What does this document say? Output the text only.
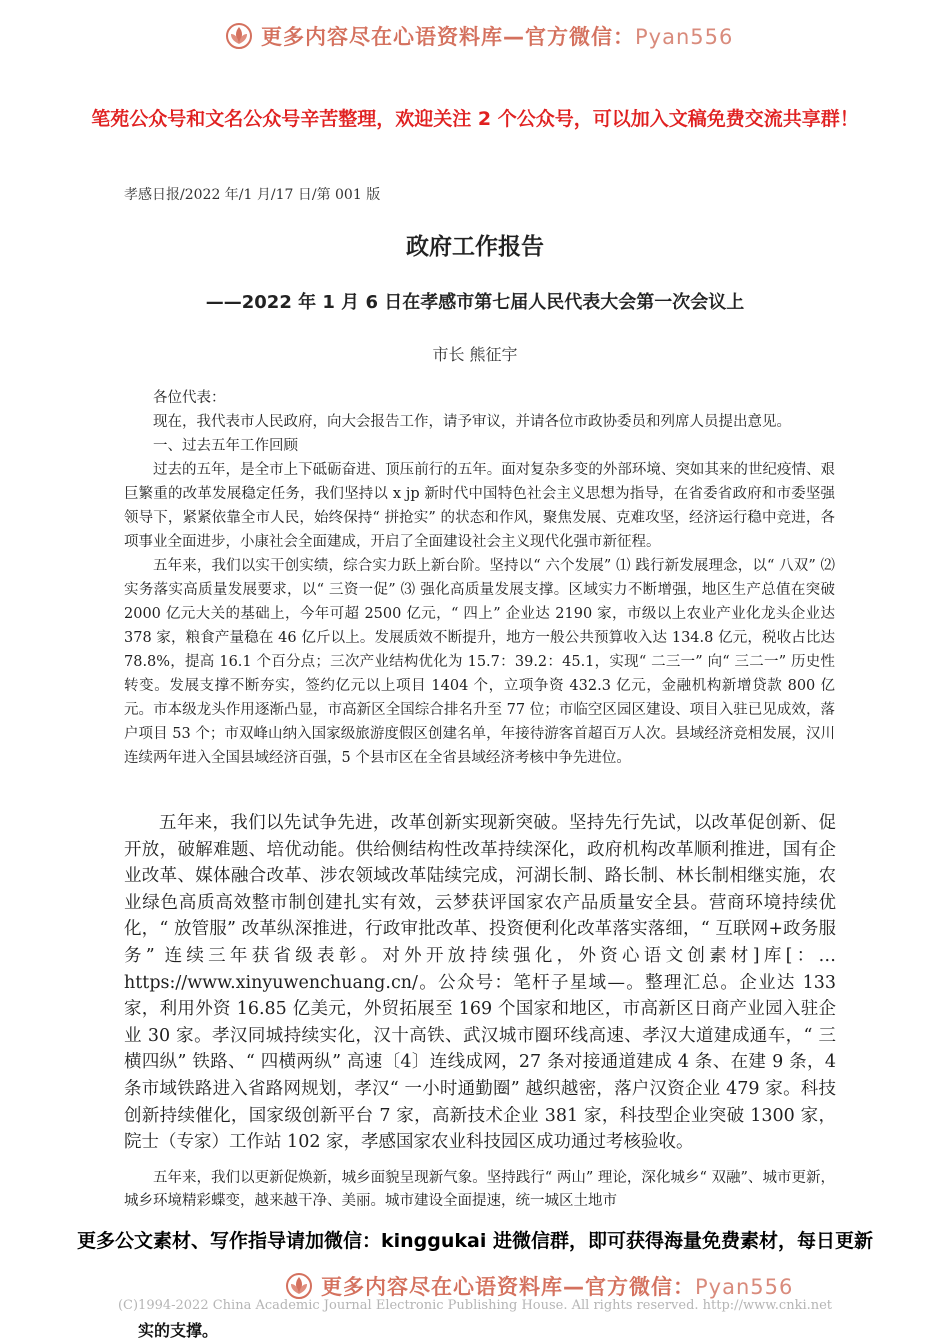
更多内容尽在心语资料库—官方微信：Pyan556
笔苑公众号和文名公众号辛苦整理，欢迎关注 2 个公众号，可以加入文稿免费交流共享群！
孝感日报/2022 年/1 月/17 日/第 001 版
政府工作报告
——2022 年 1 月 6 日在孝感市第七届人民代表大会第一次会议上
市长 熊征宇

各位代表：

现在，我代表市人民政府，向大会报告工作，请予审议，并请各位市政协委员和列席人员提出意见。

一、过去五年工作回顾

过去的五年，是全市上下砥砺奋进、顶压前行的五年。面对复杂多变的外部环境、突如其来的世纪疫情、艰巨繁重的改革发展稳定任务，我们坚持以 x jp 新时代中国特色社会主义思想为指导，在省委省政府和市委坚强领导下，紧紧依靠全市人民，始终保持“ 拼抢实” 的状态和作风，聚焦发展、克难攻坚，经济运行稳中竞进，各项事业全面进步，小康社会全面建成，开启了全面建设社会主义现代化强市新征程。

五年来，我们以实干创实绩，综合实力跃上新台阶。坚持以“ 六个发展” ⑴ 践行新发展理念，以“ 八双” ⑵ 实务落实高质量发展要求，以“ 三资一促” ⑶ 强化高质量发展支撑。区域实力不断增强，地区生产总值在突破 2000 亿元大关的基础上，今年可超 2500 亿元，“ 四上” 企业达 2190 家，市级以上农业产业化龙头企业达 378 家，粮食产量稳在 46 亿斤以上。发展质效不断提升，地方一般公共预算收入达 134.8 亿元，税收占比达 78.8%，提高 16.1 个百分点；三次产业结构优化为 15.7：39.2：45.1，实现“ 二三一” 向“ 三二一” 历史性转变。发展支撑不断夯实，签约亿元以上项目 1404 个，立项争资 432.3 亿元，金融机构新增贷款 800 亿元。市本级龙头作用逐渐凸显，市高新区全国综合排名升至 77 位；市临空区园区建设、项目入驻已见成效，落户项目 53 个；市双峰山纳入国家级旅游度假区创建名单，年接待游客首超百万人次。县域经济竞相发展，汉川连续两年进入全国县域经济百强，5 个县市区在全省县域经济考核中争先进位。

五年来，我们以先试争先进，改革创新实现新突破。坚持先行先试，以改革促创新、促开放，破解难题、培优动能。供给侧结构性改革持续深化，政府机构改革顺利推进，国有企业改革、媒体融合改革、涉农领域改革陆续完成，河湖长制、路长制、林长制相继实施，农业绿色高质高效整市制创建扎实有效，云梦获评国家农产品质量安全县。营商环境持续优化，“ 放管服” 改革纵深推进，行政审批改革、投资便利化改革落实落细，“ 互联网+政务服务” 连续三年获省级表彰。对外开放持续强化，外资心语文创素材]库[：…https://www.xinyuwenchuang.cn/。公众号：笔杆子星域—。整理汇总。企业达 133 家，利用外资 16.85 亿美元，外贸拓展至 169 个国家和地区，市高新区日商产业园入驻企业 30 家。孝汉同城持续实化，汉十高铁、武汉城市圈环线高速、孝汉大道建成通车，“ 三横四纵” 铁路、“ 四横两纵” 高速〔4〕连线成网，27 条对接通道建成 4 条、在建 9 条，4 条市域铁路进入省路网规划，孝汉“ 一小时通勤圈” 越织越密，落户汉资企业 479 家。科技创新持续催化，国家级创新平台 7 家，高新技术企业 381 家，科技型企业突破 1300 家，院士（专家）工作站 102 家，孝感国家农业科技园区成功通过考核验收。

五年来，我们以更新促焕新，城乡面貌呈现新气象。坚持践行“ 两山” 理论，深化城乡“ 双融”、城市更新，城乡环境精彩蝶变，越来越干净、美丽。城市建设全面提速，统一城区土地市

更多公文素材、写作指导请加微信：kinggukai 进微信群，即可获得海量免费素材，每日更新
更多内容尽在心语资料库—官方微信：Pyan556
(C)1994-2022 China Academic Journal Electronic Publishing House. All rights reserved. http://www.cnki.net
实的支撑。
